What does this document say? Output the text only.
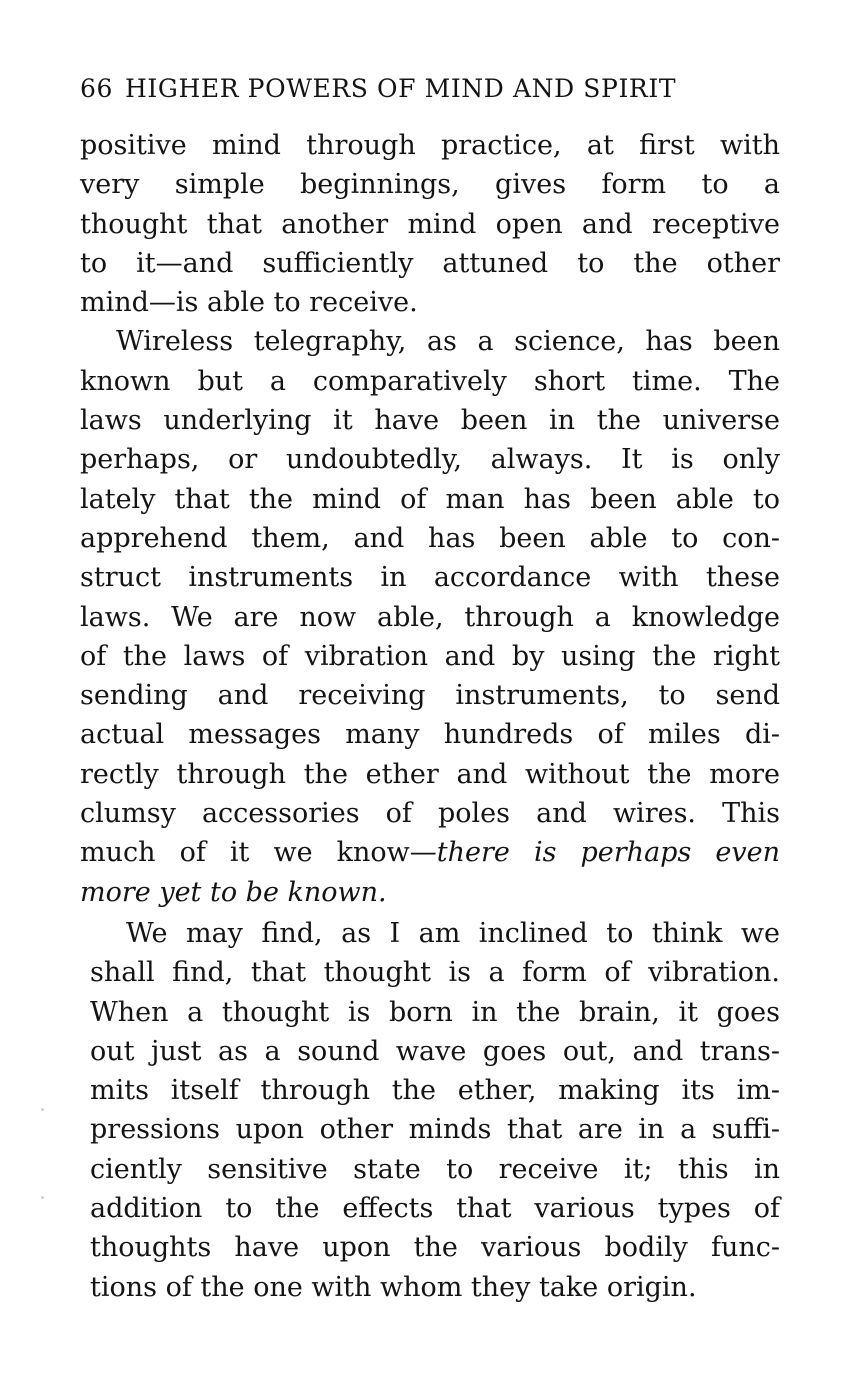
66 HIGHER POWERS OF MIND AND SPIRIT

positive mind through practice, at first with
very simple beginnings, gives form to a
thought that another mind open and receptive
to it—and sufficiently attuned to the other
mind—is able to receive.

Wireless telegraphy, as a science, has been
known but a comparatively short time. The
laws underlying it have been in the universe
perhaps, or undoubtedly, always. It is only
lately that the mind of man has been able to
apprehend them, and has been able to con-
struct instruments in accordance with these
laws. We are now able, through a knowledge
of the laws of vibration and by using the right
sending and receiving instruments, to send
actual messages many hundreds of miles di-
rectly through the ether and without the more
clumsy accessories of poles and wires. This
much of it we know—there is perhaps even
more yet to be known.

We may find, as I am inclined to think we
shall find, that thought is a form of vibration.
When a thought is born in the brain, it goes
out just as a sound wave goes out, and trans-
mits itself through the ether, making its im-
pressions upon other minds that are in a suffi-
ciently sensitive state to receive it; this in
addition to the effects that various types of
thoughts have upon the various bodily func-
tions of the one with whom they take origin.
